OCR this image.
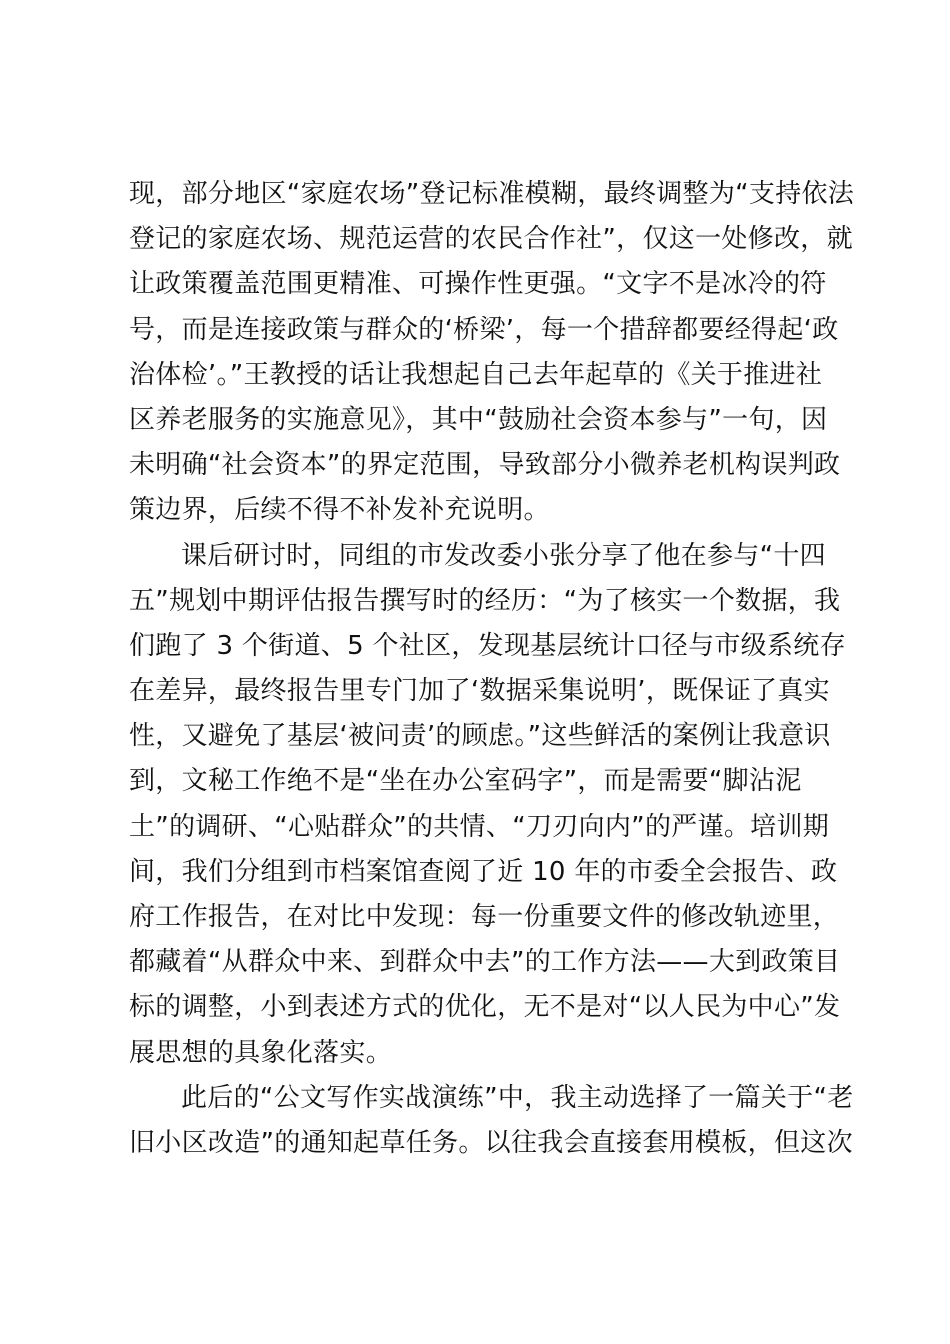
现，部分地区“家庭农场”登记标准模糊，最终调整为“支持依法
登记的家庭农场、规范运营的农民合作社”，仅这一处修改，就
让政策覆盖范围更精准、可操作性更强。“文字不是冰冷的符
号，而是连接政策与群众的‘桥梁’，每一个措辞都要经得起‘政
治体检’。”王教授的话让我想起自己去年起草的《关于推进社
区养老服务的实施意见》，其中“鼓励社会资本参与”一句，因
未明确“社会资本”的界定范围，导致部分小微养老机构误判政
策边界，后续不得不补发补充说明。
课后研讨时，同组的市发改委小张分享了他在参与“十四
五”规划中期评估报告撰写时的经历：“为了核实一个数据，我
们跑了 3 个街道、5 个社区，发现基层统计口径与市级系统存
在差异，最终报告里专门加了‘数据采集说明’，既保证了真实
性，又避免了基层‘被问责’的顾虑。”这些鲜活的案例让我意识
到，文秘工作绝不是“坐在办公室码字”，而是需要“脚沾泥
土”的调研、“心贴群众”的共情、“刀刃向内”的严谨。培训期
间，我们分组到市档案馆查阅了近 10 年的市委全会报告、政
府工作报告，在对比中发现：每一份重要文件的修改轨迹里，
都藏着“从群众中来、到群众中去”的工作方法——大到政策目
标的调整，小到表述方式的优化，无不是对“以人民为中心”发
展思想的具象化落实。
此后的“公文写作实战演练”中，我主动选择了一篇关于“老
旧小区改造”的通知起草任务。以往我会直接套用模板，但这次
